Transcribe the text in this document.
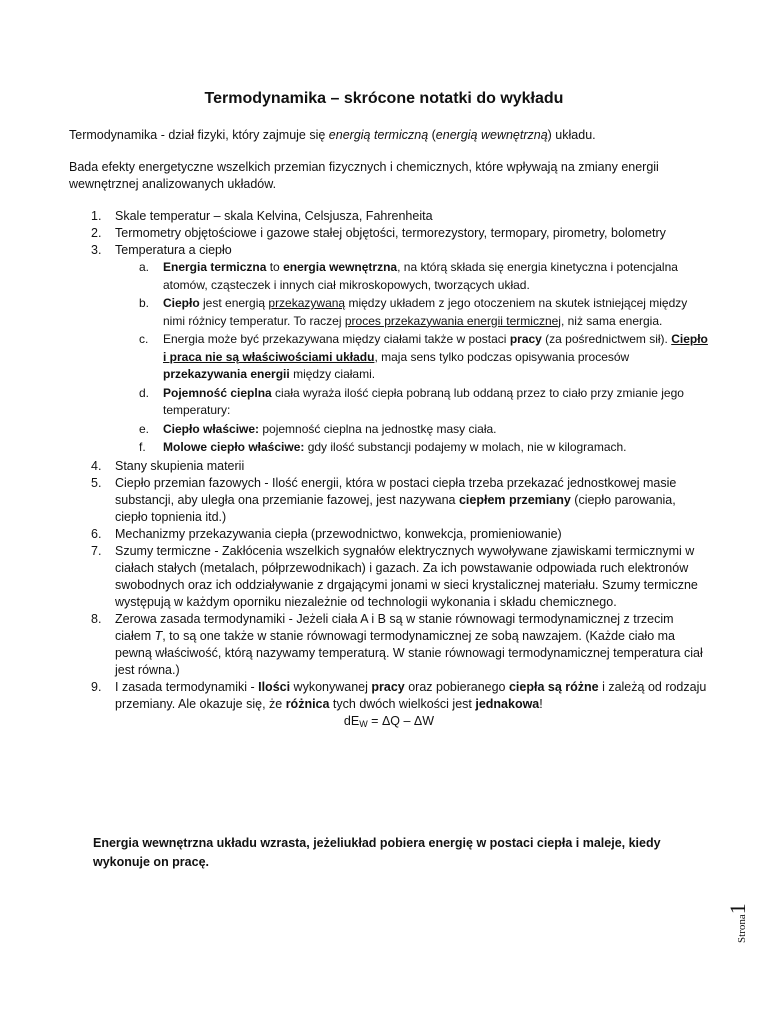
Termodynamika – skrócone notatki do wykładu

Termodynamika - dział fizyki, który zajmuje się energią termiczną (energią wewnętrzną) układu.

Bada efekty energetyczne wszelkich przemian fizycznych i chemicznych, które wpływają na zmiany energii wewnętrznej analizowanych układów.

1. Skale temperatur – skala Kelvina, Celsjusza, Fahrenheita
2. Termometry objętościowe i gazowe stałej objętości, termorezystory, termopary, pirometry, bolometry
3. Temperatura a ciepło
a. Energia termiczna to energia wewnętrzna, na którą składa się energia kinetyczna i potencjalna atomów, cząsteczek i innych ciał mikroskopowych, tworzących układ.
b. Ciepło jest energią przekazywaną między układem z jego otoczeniem na skutek istniejącej między nimi różnicy temperatur. To raczej proces przekazywania energii termicznej, niż sama energia.
c. Energia może być przekazywana między ciałami także w postaci pracy (za pośrednictwem sił). Ciepło i praca nie są właściwościami układu, maja sens tylko podczas opisywania procesów przekazywania energii między ciałami.
d. Pojemność cieplna ciała wyraża ilość ciepła pobraną lub oddaną przez to ciało przy zmianie jego temperatury:
e. Ciepło właściwe: pojemność cieplna na jednostkę masy ciała.
f. Molowe ciepło właściwe: gdy ilość substancji podajemy w molach, nie w kilogramach.
4. Stany skupienia materii
5. Ciepło przemian fazowych - Ilość energii, która w postaci ciepła trzeba przekazać jednostkowej masie substancji, aby uległa ona przemianie fazowej, jest nazywana ciepłem przemiany (ciepło parowania, ciepło topnienia itd.)
6. Mechanizmy przekazywania ciepła (przewodnictwo, konwekcja, promieniowanie)
7. Szumy termiczne - Zakłócenia wszelkich sygnałów elektrycznych wywoływane zjawiskami termicznymi w ciałach stałych (metalach, półprzewodnikach) i gazach. Za ich powstawanie odpowiada ruch elektronów swobodnych oraz ich oddziaływanie z drgającymi jonami w sieci krystalicznej materiału. Szumy termiczne występują w każdym oporniku niezależnie od technologii wykonania i składu chemicznego.
8. Zerowa zasada termodynamiki - Jeżeli ciała A i B są w stanie równowagi termodynamicznej z trzecim ciałem T, to są one także w stanie równowagi termodynamicznej ze sobą nawzajem. (Każde ciało ma pewną właściwość, którą nazywamy temperaturą. W stanie równowagi termodynamicznej temperatura ciał jest równa.)
9. I zasada termodynamiki - Ilości wykonywanej pracy oraz pobieranego ciepła są różne i zależą od rodzaju przemiany. Ale okazuje się, że różnica tych dwóch wielkości jest jednakowa!
dEW = ΔQ – ΔW

Energia wewnętrzna układu wzrasta, jeżeliukład pobiera energię w postaci ciepła i maleje, kiedy wykonuje on pracę.

Strona1
